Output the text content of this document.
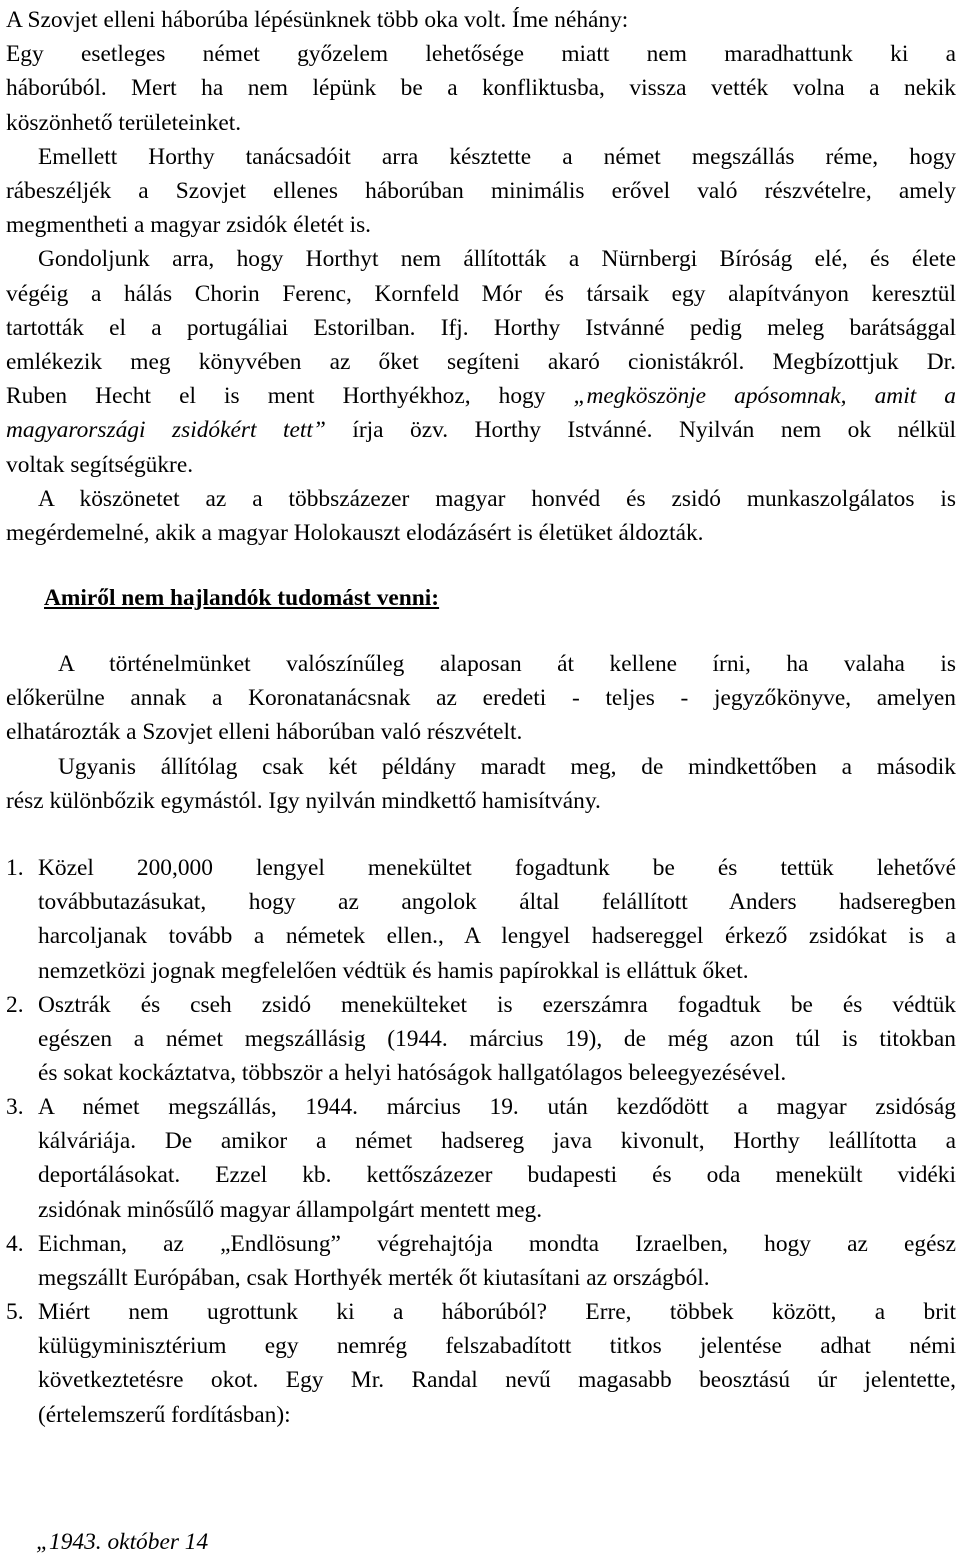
A Szovjet elleni háborúba lépésünknek több oka volt. Íme néhány:
Egy esetleges német győzelem lehetősége miatt nem maradhattunk ki a
háborúból. Mert ha nem lépünk be a konfliktusba, vissza vették volna a nekik
köszönhető területeinket.
Emellett Horthy tanácsadóit arra késztette a német megszállás réme, hogy
rábeszéljék a Szovjet ellenes háborúban minimális erővel való részvételre, amely
megmentheti a magyar zsidók életét is.
Gondoljunk arra, hogy Horthyt nem állították a Nürnbergi Bíróság elé, és élete
végéig a hálás Chorin Ferenc, Kornfeld Mór és társaik egy alapítványon keresztül
tartották el a portugáliai Estorilban. Ifj. Horthy Istvánné pedig meleg barátsággal
emlékezik meg könyvében az őket segíteni akaró cionistákról. Megbízottjuk Dr.
Ruben Hecht el is ment Horthyékhoz, hogy „megköszönje apósomnak, amit a
magyarországi zsidókért tett” írja özv. Horthy Istvánné. Nyilván nem ok nélkül
voltak segítségükre.
A köszönetet az a többszázezer magyar honvéd és zsidó munkaszolgálatos is
megérdemelné, akik a magyar Holokauszt elodázásért is életüket áldozták.
Amiről nem hajlandók tudomást venni:
A történelmünket valószínűleg alaposan át kellene írni, ha valaha is
előkerülne annak a Koronatanácsnak az eredeti - teljes - jegyzőkönyve, amelyen
elhatározták a Szovjet elleni háborúban való részvételt.
Ugyanis állítólag csak két példány maradt meg, de mindkettőben a második
rész különbőzik egymástól. Igy nyilván mindkettő hamisítvány.
1. Közel 200,000 lengyel menekültet fogadtunk be és tettük lehetővé
továbbutazásukat, hogy az angolok által felállított Anders hadseregben
harcoljanak tovább a németek ellen., A lengyel hadsereggel érkező zsidókat is a
nemzetközi jognak megfelelően védtük és hamis papírokkal is elláttuk őket.
2. Osztrák és cseh zsidó menekülteket is ezerszámra fogadtuk be és védtük
egészen a német megszállásig (1944. március 19), de még azon túl is titokban
és sokat kockáztatva, többször a helyi hatóságok hallgatólagos beleegyezésével.
3. A német megszállás, 1944. március 19. után kezdődött a magyar zsidóság
kálváriája. De amikor a német hadsereg java kivonult, Horthy leállította a
deportálásokat. Ezzel kb. kettőszázezer budapesti és oda menekült vidéki
zsidónak minősűlő magyar állampolgárt mentett meg.
4. Eichman, az „Endlösung” végrehajtója mondta Izraelben, hogy az egész
megszállt Európában, csak Horthyék merték őt kiutasítani az országból.
5. Miért nem ugrottunk ki a háborúból? Erre, többek között, a brit
külügyminisztérium egy nemrég felszabadított titkos jelentése adhat némi
következtetésre okot. Egy Mr. Randal nevű magasabb beosztású úr jelentette,
(értelemszerű fordításban):
„1943. október 14
